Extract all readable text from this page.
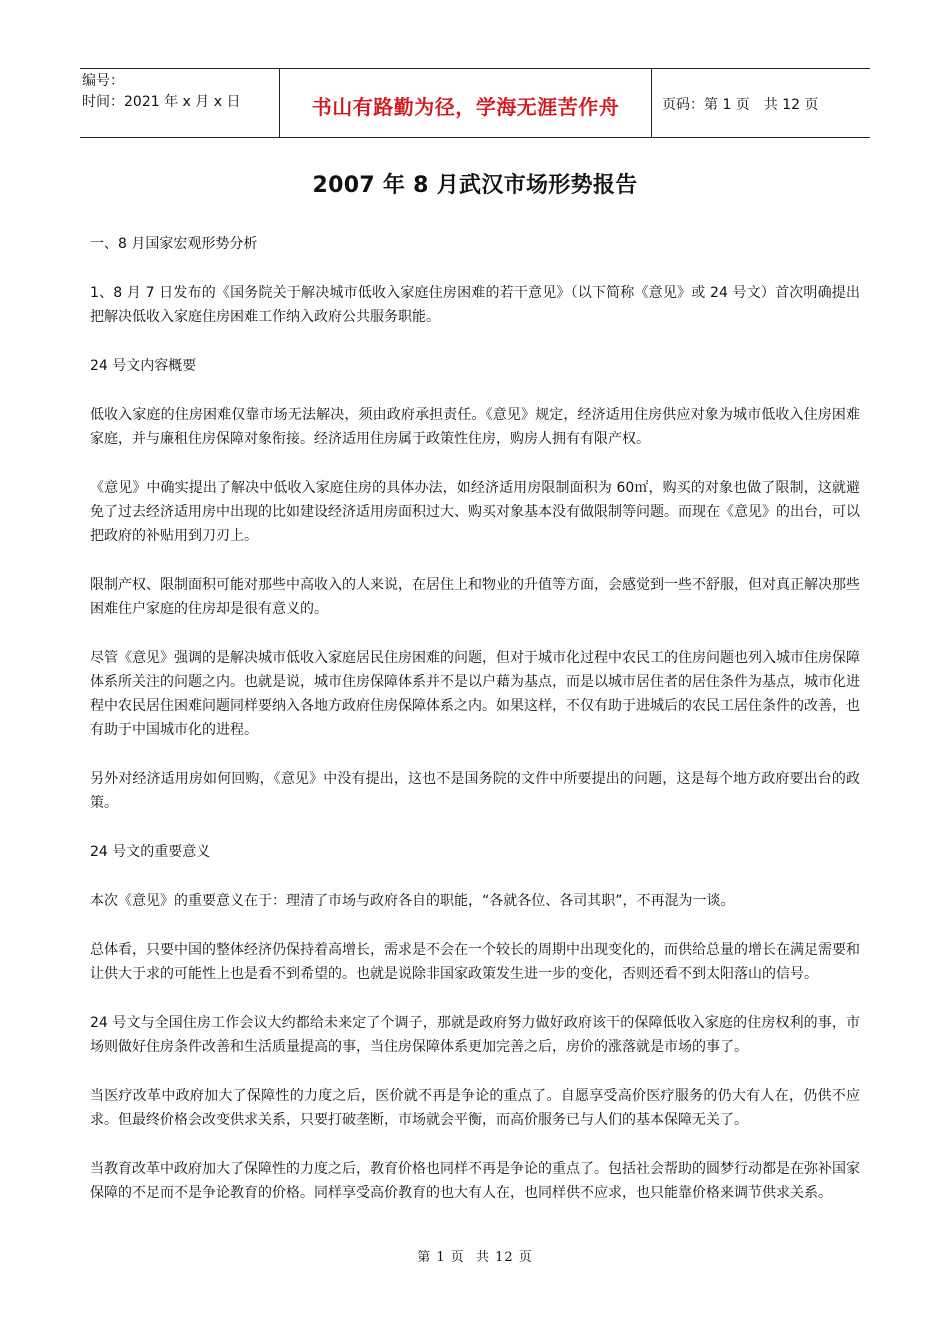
编号：
时间：2021 年 x 月 x 日	书山有路勤为径，学海无涯苦作舟	页码：第 1 页 共 12 页
2007 年 8 月武汉市场形势报告

一、8 月国家宏观形势分析

1、8 月 7 日发布的《国务院关于解决城市低收入家庭住房困难的若干意见》（以下简称《意见》或 24 号文）首次明确提出把解决低收入家庭住房困难工作纳入政府公共服务职能。

24 号文内容概要

低收入家庭的住房困难仅靠市场无法解决，须由政府承担责任。《意见》规定，经济适用住房供应对象为城市低收入住房困难家庭，并与廉租住房保障对象衔接。经济适用住房属于政策性住房，购房人拥有有限产权。

《意见》中确实提出了解决中低收入家庭住房的具体办法，如经济适用房限制面积为 60㎡，购买的对象也做了限制，这就避免了过去经济适用房中出现的比如建设经济适用房面积过大、购买对象基本没有做限制等问题。而现在《意见》的出台，可以把政府的补贴用到刀刃上。

限制产权、限制面积可能对那些中高收入的人来说，在居住上和物业的升值等方面，会感觉到一些不舒服，但对真正解决那些困难住户家庭的住房却是很有意义的。

尽管《意见》强调的是解决城市低收入家庭居民住房困难的问题，但对于城市化过程中农民工的住房问题也列入城市住房保障体系所关注的问题之内。也就是说，城市住房保障体系并不是以户藉为基点，而是以城市居住者的居住条件为基点，城市化进程中农民居住困难问题同样要纳入各地方政府住房保障体系之内。如果这样，不仅有助于进城后的农民工居住条件的改善，也有助于中国城市化的进程。

另外对经济适用房如何回购，《意见》中没有提出，这也不是国务院的文件中所要提出的问题，这是每个地方政府要出台的政策。

24 号文的重要意义

本次《意见》的重要意义在于：理清了市场与政府各自的职能，“各就各位、各司其职”，不再混为一谈。

总体看，只要中国的整体经济仍保持着高增长，需求是不会在一个较长的周期中出现变化的，而供给总量的增长在满足需要和让供大于求的可能性上也是看不到希望的。也就是说除非国家政策发生进一步的变化，否则还看不到太阳落山的信号。

24 号文与全国住房工作会议大约都给未来定了个调子，那就是政府努力做好政府该干的保障低收入家庭的住房权利的事，市场则做好住房条件改善和生活质量提高的事，当住房保障体系更加完善之后，房价的涨落就是市场的事了。

当医疗改革中政府加大了保障性的力度之后，医价就不再是争论的重点了。自愿享受高价医疗服务的仍大有人在，仍供不应求。但最终价格会改变供求关系，只要打破垄断，市场就会平衡，而高价服务已与人们的基本保障无关了。

当教育改革中政府加大了保障性的力度之后，教育价格也同样不再是争论的重点了。包括社会帮助的圆梦行动都是在弥补国家保障的不足而不是争论教育的价格。同样享受高价教育的也大有人在，也同样供不应求，也只能靠价格来调节供求关系。

第 1 页 共 12 页
